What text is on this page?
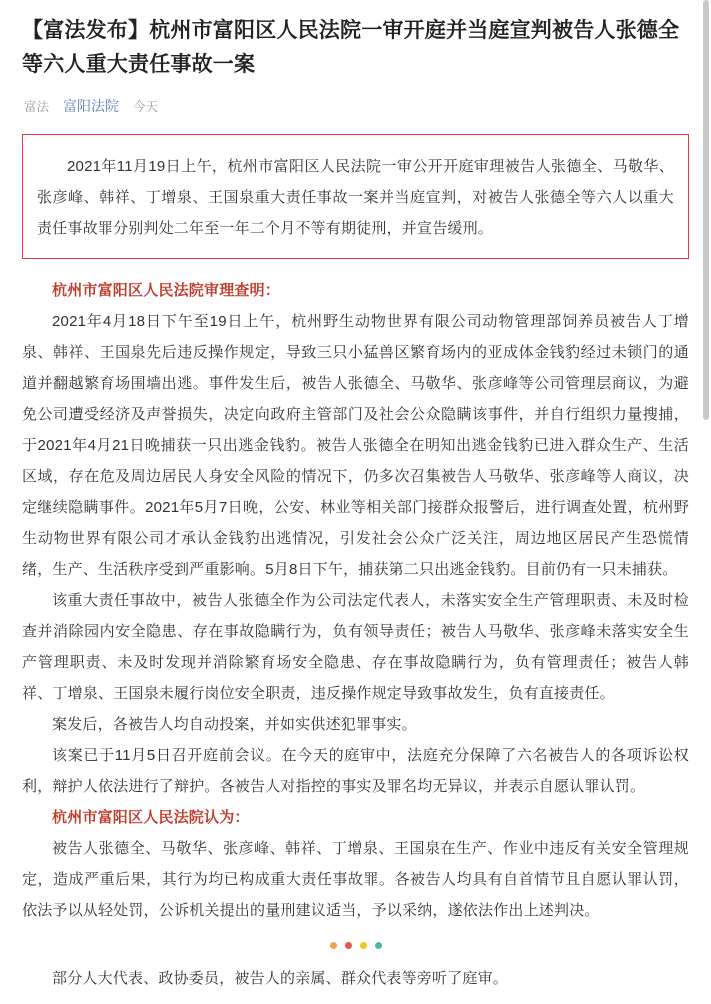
【富法发布】杭州市富阳区人民法院一审开庭并当庭宣判被告人张德全等六人重大责任事故一案
富法 富阳法院 今天

2021年11月19日上午，杭州市富阳区人民法院一审公开开庭审理被告人张德全、马敬华、张彦峰、韩祥、丁增泉、王国泉重大责任事故一案并当庭宣判，对被告人张德全等六人以重大责任事故罪分别判处二年至一年二个月不等有期徒刑，并宣告缓刑。

杭州市富阳区人民法院审理查明：

2021年4月18日下午至19日上午，杭州野生动物世界有限公司动物管理部饲养员被告人丁增泉、韩祥、王国泉先后违反操作规定，导致三只小猛兽区繁育场内的亚成体金钱豹经过未锁门的通道并翻越繁育场围墙出逃。事件发生后，被告人张德全、马敬华、张彦峰等公司管理层商议，为避免公司遭受经济及声誉损失，决定向政府主管部门及社会公众隐瞒该事件，并自行组织力量搜捕，于2021年4月21日晚捕获一只出逃金钱豹。被告人张德全在明知出逃金钱豹已进入群众生产、生活区域，存在危及周边居民人身安全风险的情况下，仍多次召集被告人马敬华、张彦峰等人商议，决定继续隐瞒事件。2021年5月7日晚，公安、林业等相关部门接群众报警后，进行调查处置，杭州野生动物世界有限公司才承认金钱豹出逃情况，引发社会公众广泛关注，周边地区居民产生恐慌情绪，生产、生活秩序受到严重影响。5月8日下午，捕获第二只出逃金钱豹。目前仍有一只未捕获。

该重大责任事故中，被告人张德全作为公司法定代表人，未落实安全生产管理职责、未及时检查并消除园内安全隐患、存在事故隐瞒行为，负有领导责任；被告人马敬华、张彦峰未落实安全生产管理职责、未及时发现并消除繁育场安全隐患、存在事故隐瞒行为，负有管理责任；被告人韩祥、丁增泉、王国泉未履行岗位安全职责，违反操作规定导致事故发生，负有直接责任。

案发后，各被告人均自动投案，并如实供述犯罪事实。

该案已于11月5日召开庭前会议。在今天的庭审中，法庭充分保障了六名被告人的各项诉讼权利，辩护人依法进行了辩护。各被告人对指控的事实及罪名均无异议，并表示自愿认罪认罚。

杭州市富阳区人民法院认为：

被告人张德全、马敬华、张彦峰、韩祥、丁增泉、王国泉在生产、作业中违反有关安全管理规定，造成严重后果，其行为均已构成重大责任事故罪。各被告人均具有自首情节且自愿认罪认罚，依法予以从轻处罚，公诉机关提出的量刑建议适当，予以采纳，遂依法作出上述判决。

部分人大代表、政协委员，被告人的亲属、群众代表等旁听了庭审。
